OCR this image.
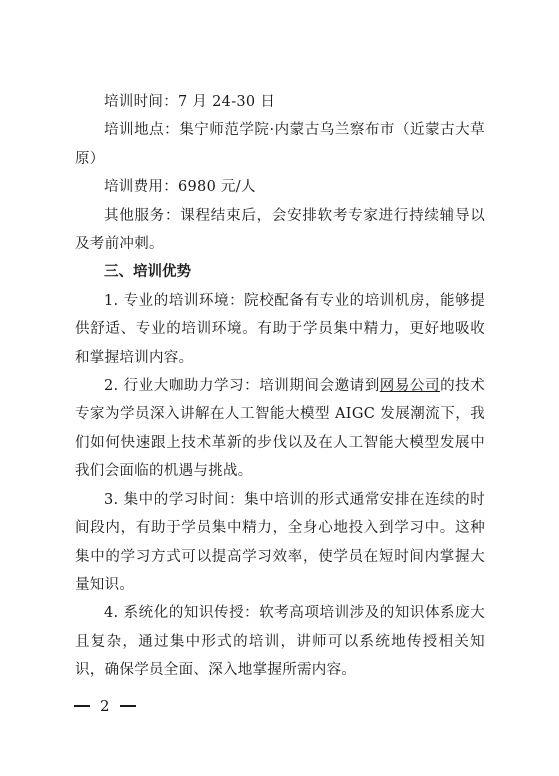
培训时间：7 月 24-30 日

培训地点：集宁师范学院·内蒙古乌兰察布市（近蒙古大草原）

培训费用：6980 元/人

其他服务：课程结束后，会安排软考专家进行持续辅导以及考前冲刺。

三、培训优势

1. 专业的培训环境：院校配备有专业的培训机房，能够提供舒适、专业的培训环境。有助于学员集中精力，更好地吸收和掌握培训内容。

2. 行业大咖助力学习：培训期间会邀请到网易公司的技术专家为学员深入讲解在人工智能大模型 AIGC 发展潮流下，我们如何快速跟上技术革新的步伐以及在人工智能大模型发展中我们会面临的机遇与挑战。

3. 集中的学习时间：集中培训的形式通常安排在连续的时间段内，有助于学员集中精力，全身心地投入到学习中。这种集中的学习方式可以提高学习效率，使学员在短时间内掌握大量知识。

4. 系统化的知识传授：软考高项培训涉及的知识体系庞大且复杂，通过集中形式的培训，讲师可以系统地传授相关知识，确保学员全面、深入地掌握所需内容。

2
